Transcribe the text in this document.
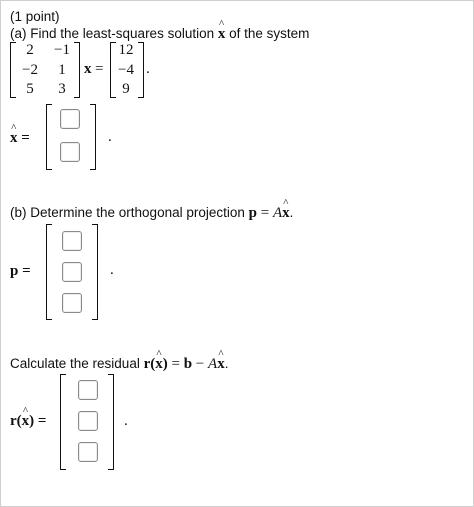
(1 point)
(a) Find the least-squares solution ^ x of the system
2	−1
−2	1
5	3
x =
12
−4
9
.
^ x =	.
(b) Determine the orthogonal projection p = A^ x.
p =	.
Calculate the residual r(^ x) = b − A^ x.
r(^ x) =	.
